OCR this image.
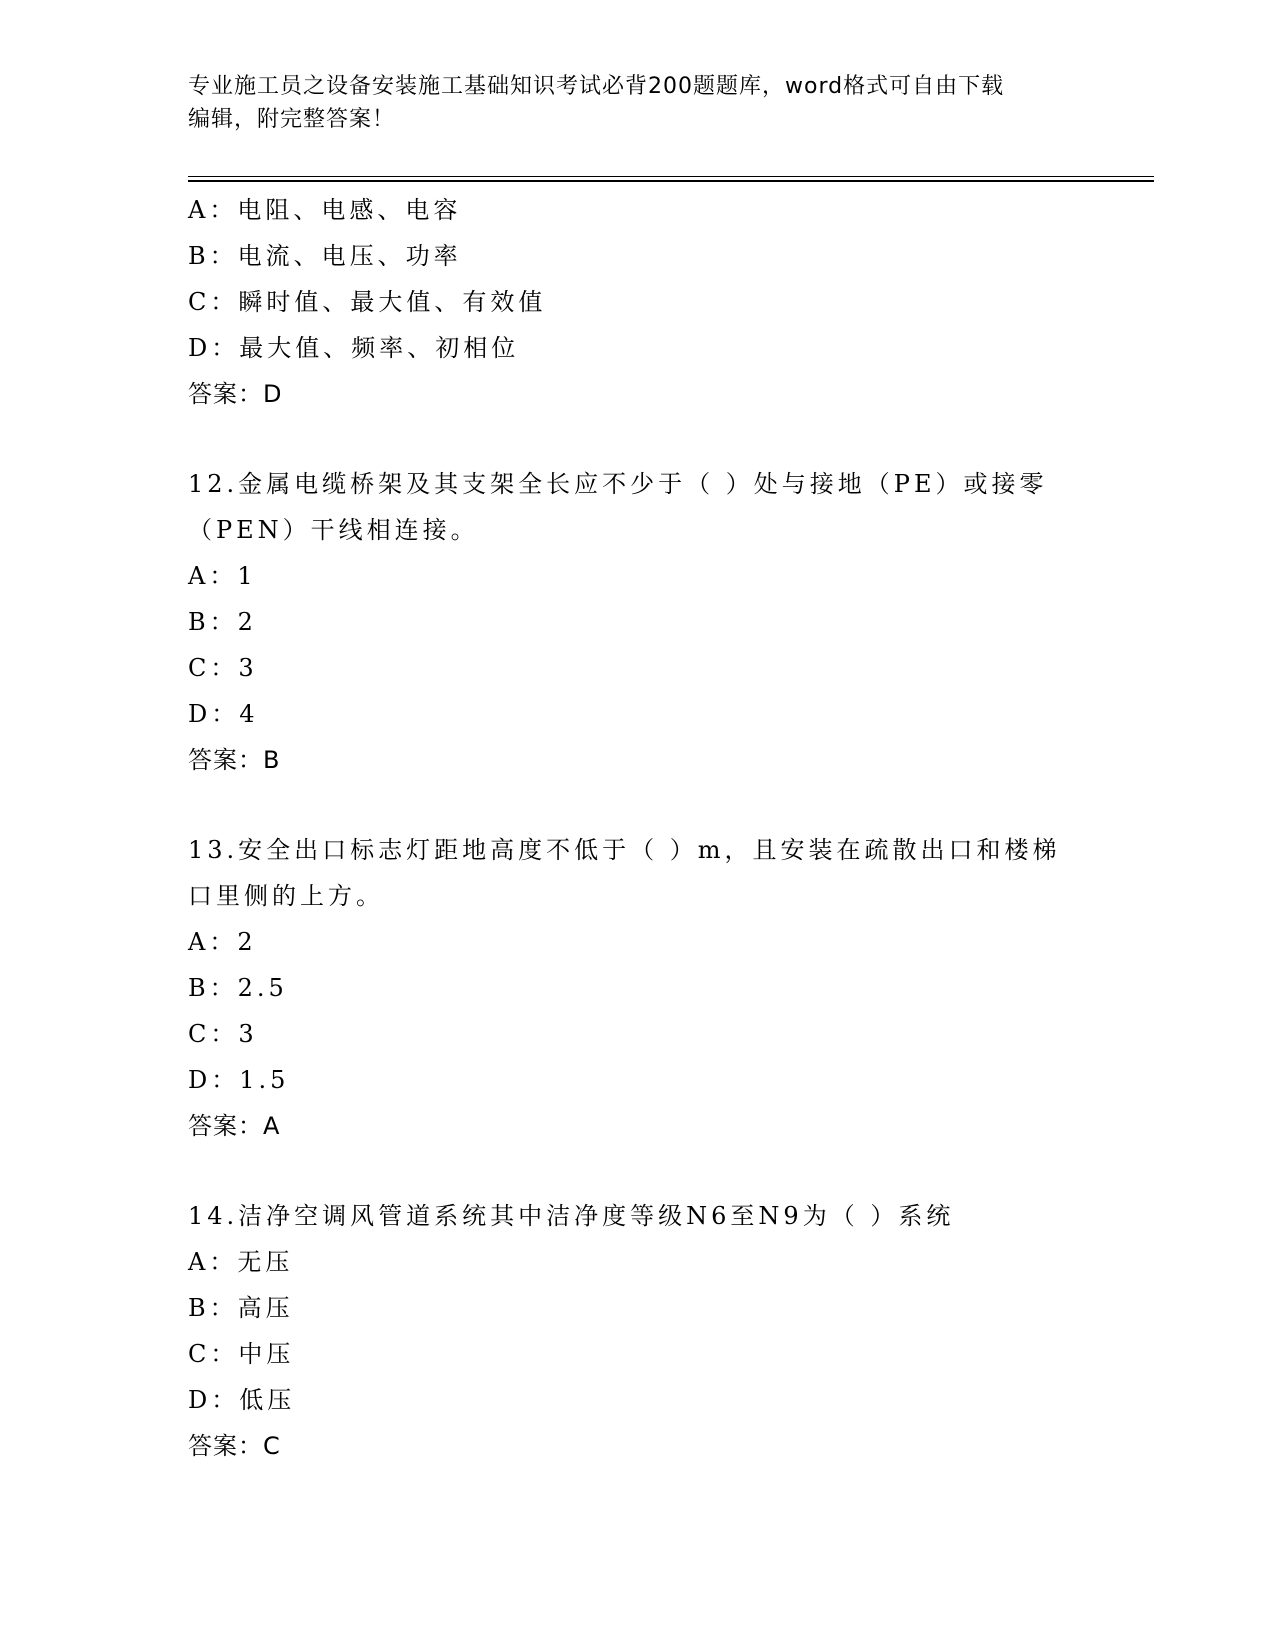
专业施工员之设备安装施工基础知识考试必背200题题库，word格式可自由下载
编辑，附完整答案！
A：电阻、电感、电容
B：电流、电压、功率
C：瞬时值、最大值、有效值
D：最大值、频率、初相位
答案：D
12.金属电缆桥架及其支架全长应不少于（ ）处与接地（PE）或接零
（PEN）干线相连接。
A：1
B：2
C：3
D：4
答案：B
13.安全出口标志灯距地高度不低于（ ）m，且安装在疏散出口和楼梯
口里侧的上方。
A：2
B：2.5
C：3
D：1.5
答案：A
14.洁净空调风管道系统其中洁净度等级N6至N9为（ ）系统
A：无压
B：高压
C：中压
D：低压
答案：C
